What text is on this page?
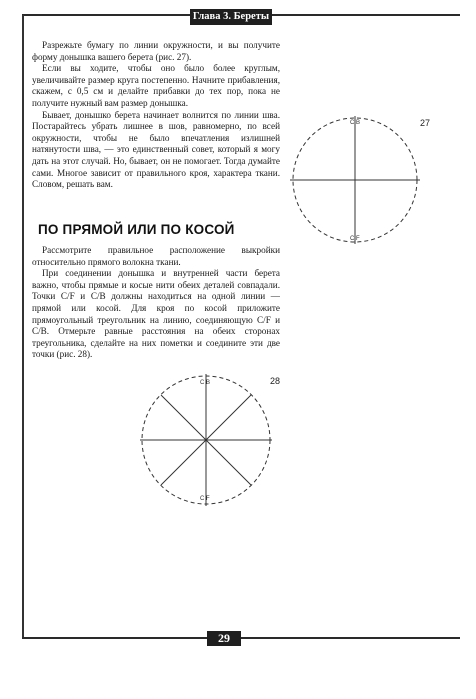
Глава 3. Береты

Разрежьте бумагу по линии окружности, и вы получите форму донышка вашего берета (рис. 27).

Если вы ходите, чтобы оно было более круглым, увеличивайте размер круга постепенно. Начните прибавления, скажем, с 0,5 см и делайте прибавки до тех пор, пока не получите нужный вам размер донышка.

Бывает, донышко берета начинает волнится по линии шва. Постарайтесь убрать лишнее в шов, равномерно, по всей окружности, чтобы не было впечатления излишней натянутости шва, — это единственный совет, который я могу дать на этот случай. Но, бывает, он не помогает. Тогда думайте сами. Многое зависит от правильного кроя, характера ткани. Словом, решать вам.

C B
C F
27
ПО ПРЯМОЙ ИЛИ ПО КОСОЙ

Рассмотрите правильное расположение выкройки относительно прямого волокна ткани.

При соединении донышка и внутренней части берета важно, чтобы прямые и косые нити обеих деталей совпадали. Точки C/F и C/B должны находиться на одной линии — прямой или косой. Для кроя по косой приложите прямоугольный треугольник на линию, соединяющую C/F и C/B. Отмерьте равные расстояния на обеих сторонах треугольника, сделайте на них пометки и соедините эти две точки (рис. 28).

C B
C F
28
29
